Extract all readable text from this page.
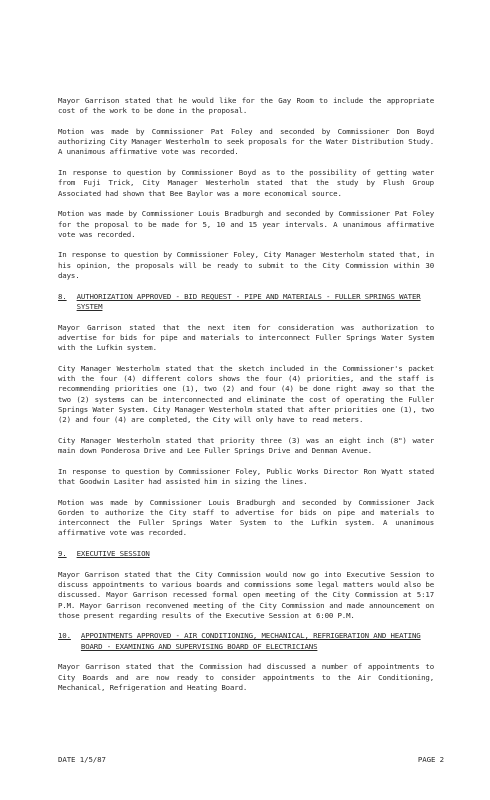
Mayor Garrison stated that he would like for the Gay Room to include the appropriate cost of the work to be done in the proposal.

Motion was made by Commissioner Pat Foley and seconded by Commissioner Don Boyd authorizing City Manager Westerholm to seek proposals for the Water Distribution Study. A unanimous affirmative vote was recorded.

In response to question by Commissioner Boyd as to the possibility of getting water from Fuji Trick, City Manager Westerholm stated that the study by Flush Group Associated had shown that Bee Baylor was a more economical source.

Motion was made by Commissioner Louis Bradburgh and seconded by Commissioner Pat Foley for the proposal to be made for 5, 10 and 15 year intervals. A unanimous affirmative vote was recorded.

In response to question by Commissioner Foley, City Manager Westerholm stated that, in his opinion, the proposals will be ready to submit to the City Commission within 30 days.

8. AUTHORIZATION APPROVED - BID REQUEST - PIPE AND MATERIALS - FULLER SPRINGS WATER SYSTEM

Mayor Garrison stated that the next item for consideration was authorization to advertise for bids for pipe and materials to interconnect Fuller Springs Water System with the Lufkin system.

City Manager Westerholm stated that the sketch included in the Commissioner's packet with the four (4) different colors shows the four (4) priorities, and the staff is recommending priorities one (1), two (2) and four (4) be done right away so that the two (2) systems can be interconnected and eliminate the cost of operating the Fuller Springs Water System. City Manager Westerholm stated that after priorities one (1), two (2) and four (4) are completed, the City will only have to read meters.

City Manager Westerholm stated that priority three (3) was an eight inch (8") water main down Ponderosa Drive and Lee Fuller Springs Drive and Denman Avenue.

In response to question by Commissioner Foley, Public Works Director Ron Wyatt stated that Goodwin Lasiter had assisted him in sizing the lines.

Motion was made by Commissioner Louis Bradburgh and seconded by Commissioner Jack Gorden to authorize the City staff to advertise for bids on pipe and materials to interconnect the Fuller Springs Water System to the Lufkin system. A unanimous affirmative vote was recorded.

9. EXECUTIVE SESSION

Mayor Garrison stated that the City Commission would now go into Executive Session to discuss appointments to various boards and commissions some legal matters would also be discussed. Mayor Garrison recessed formal open meeting of the City Commission at 5:17 P.M. Mayor Garrison reconvened meeting of the City Commission and made announcement on those present regarding results of the Executive Session at 6:00 P.M.

10. APPOINTMENTS APPROVED - AIR CONDITIONING, MECHANICAL, REFRIGERATION AND HEATING BOARD - EXAMINING AND SUPERVISING BOARD OF ELECTRICIANS

Mayor Garrison stated that the Commission had discussed a number of appointments to City Boards and are now ready to consider appointments to the Air Conditioning, Mechanical, Refrigeration and Heating Board.

DATE 1/5/87	PAGE 2
